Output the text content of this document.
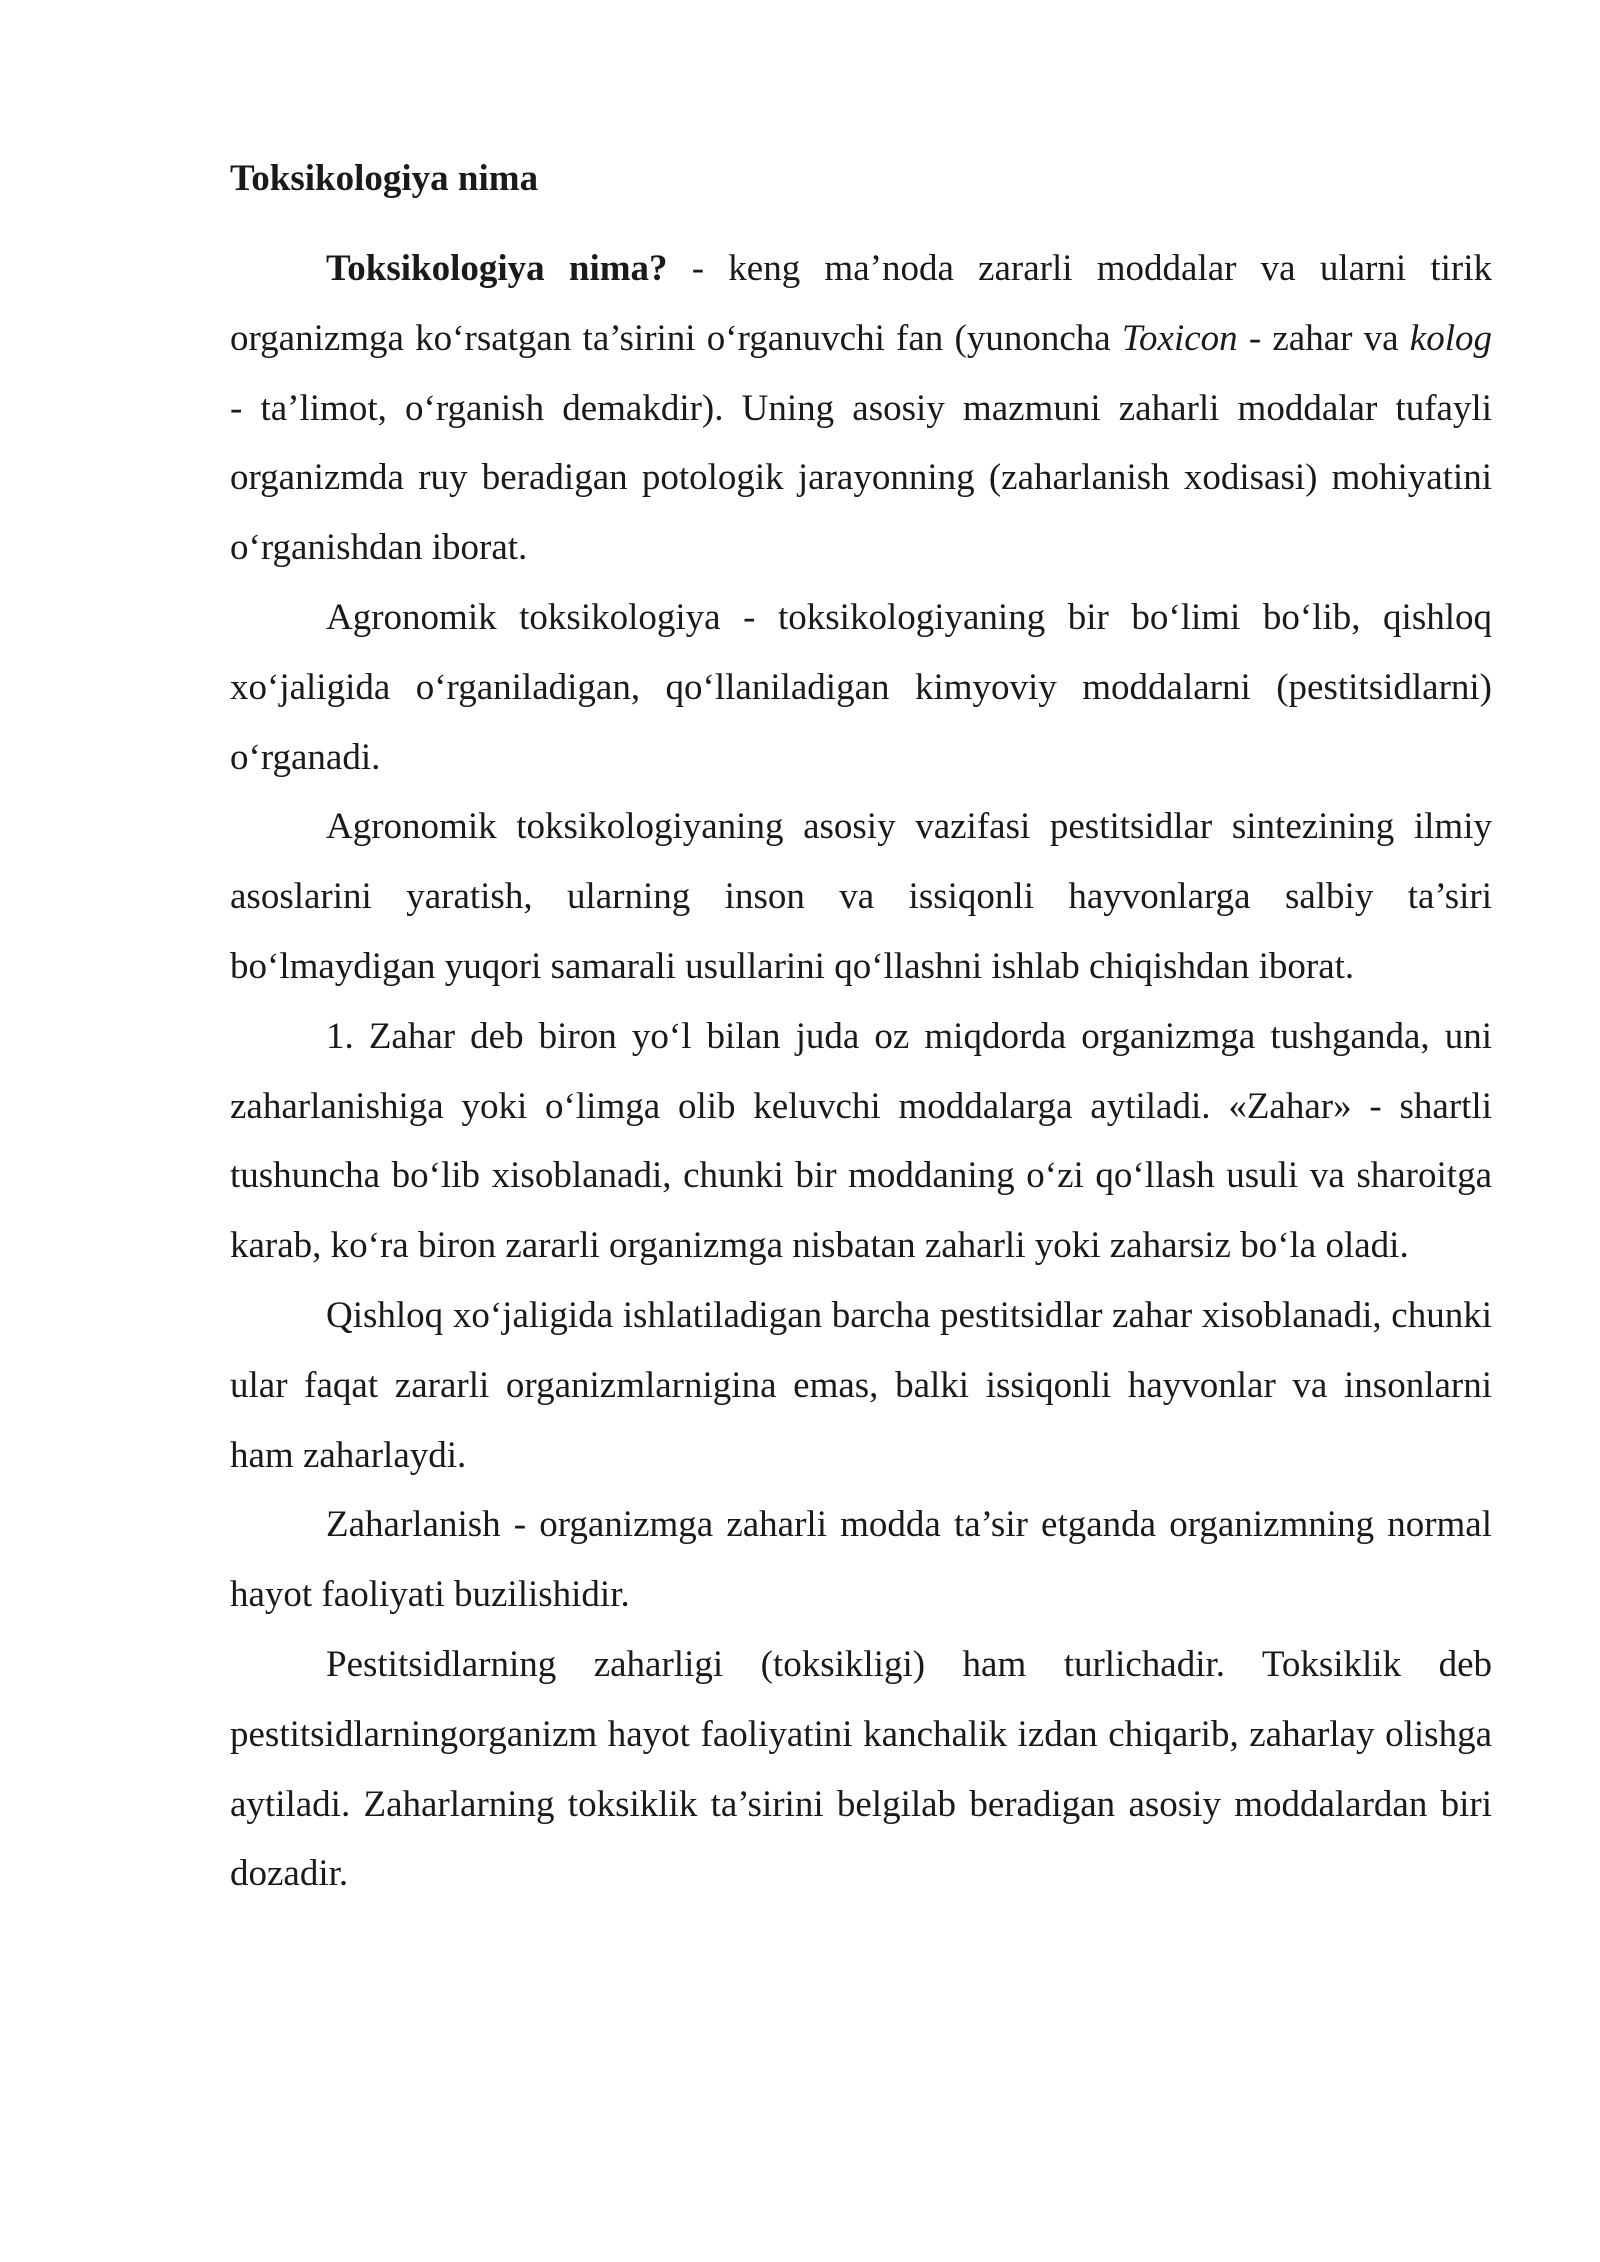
Toksikologiya nima

Toksikologiya nima? - keng ma’noda zararli moddalar va ularni tirik organizmga ko‘rsatgan ta’sirini o‘rganuvchi fan (yunoncha Toxicon - zahar va kolog - ta’limot, o‘rganish demakdir). Uning asosiy mazmuni zaharli moddalar tufayli organizmda ruy beradigan potologik jarayonning (zaharlanish xodisasi) mohiyatini o‘rganishdan iborat.

Agronomik toksikologiya - toksikologiyaning bir bo‘limi bo‘lib, qishloq xo‘jaligida o‘rganiladigan, qo‘llaniladigan kimyoviy moddalarni (pestitsidlarni) o‘rganadi.

Agronomik toksikologiyaning asosiy vazifasi pestitsidlar sintezining ilmiy asoslarini yaratish, ularning inson va issiqonli hayvonlarga salbiy ta’siri bo‘lmaydigan yuqori samarali usullarini qo‘llashni ishlab chiqishdan iborat.

1. Zahar deb biron yo‘l bilan juda oz miqdorda organizmga tushganda, uni zaharlanishiga yoki o‘limga olib keluvchi moddalarga aytiladi. «Zahar» - shartli tushuncha bo‘lib xisoblanadi, chunki bir moddaning o‘zi qo‘llash usuli va sharoitga karab, ko‘ra biron zararli organizmga nisbatan zaharli yoki zaharsiz bo‘la oladi.

Qishloq xo‘jaligida ishlatiladigan barcha pestitsidlar zahar xisoblanadi, chunki ular faqat zararli organizmlarnigina emas, balki issiqonli hayvonlar va insonlarni ham zaharlaydi.

Zaharlanish - organizmga zaharli modda ta’sir etganda organizmning normal hayot faoliyati buzilishidir.

Pestitsidlarning zaharligi (toksikligi) ham turlichadir. Toksiklik deb pestitsidlarningorganizm hayot faoliyatini kanchalik izdan chiqarib, zaharlay olishga aytiladi. Zaharlarning toksiklik ta’sirini belgilab beradigan asosiy moddalardan biri dozadir.
